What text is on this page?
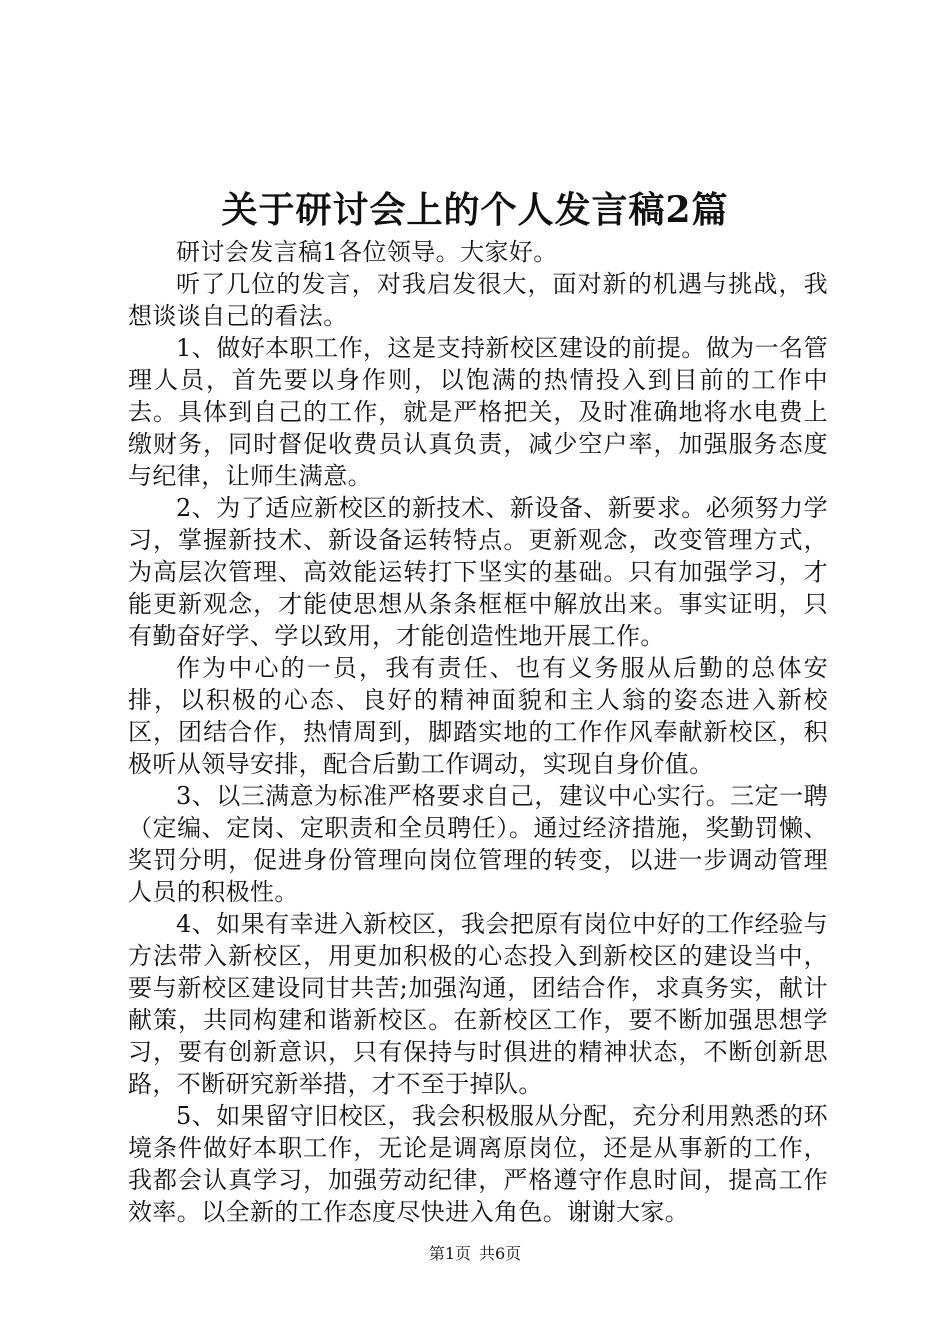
关于研讨会上的个人发言稿2篇

研讨会发言稿1各位领导。大家好。

听了几位的发言，对我启发很大，面对新的机遇与挑战，我想谈谈自己的看法。

1、做好本职工作，这是支持新校区建设的前提。做为一名管理人员，首先要以身作则，以饱满的热情投入到目前的工作中去。具体到自己的工作，就是严格把关，及时准确地将水电费上缴财务，同时督促收费员认真负责，减少空户率，加强服务态度与纪律，让师生满意。

2、为了适应新校区的新技术、新设备、新要求。必须努力学习，掌握新技术、新设备运转特点。更新观念，改变管理方式，为高层次管理、高效能运转打下坚实的基础。只有加强学习，才能更新观念，才能使思想从条条框框中解放出来。事实证明，只有勤奋好学、学以致用，才能创造性地开展工作。

作为中心的一员，我有责任、也有义务服从后勤的总体安排，以积极的心态、良好的精神面貌和主人翁的姿态进入新校区，团结合作，热情周到，脚踏实地的工作作风奉献新校区，积极听从领导安排，配合后勤工作调动，实现自身价值。

3、以三满意为标准严格要求自己，建议中心实行。三定一聘（定编、定岗、定职责和全员聘任）。通过经济措施，奖勤罚懒、奖罚分明，促进身份管理向岗位管理的转变，以进一步调动管理人员的积极性。

4、如果有幸进入新校区，我会把原有岗位中好的工作经验与方法带入新校区，用更加积极的心态投入到新校区的建设当中，要与新校区建设同甘共苦;加强沟通，团结合作，求真务实，献计献策，共同构建和谐新校区。在新校区工作，要不断加强思想学习，要有创新意识，只有保持与时俱进的精神状态，不断创新思路，不断研究新举措，才不至于掉队。

5、如果留守旧校区，我会积极服从分配，充分利用熟悉的环境条件做好本职工作，无论是调离原岗位，还是从事新的工作，我都会认真学习，加强劳动纪律，严格遵守作息时间，提高工作效率。以全新的工作态度尽快进入角色。谢谢大家。

第1页 共6页
